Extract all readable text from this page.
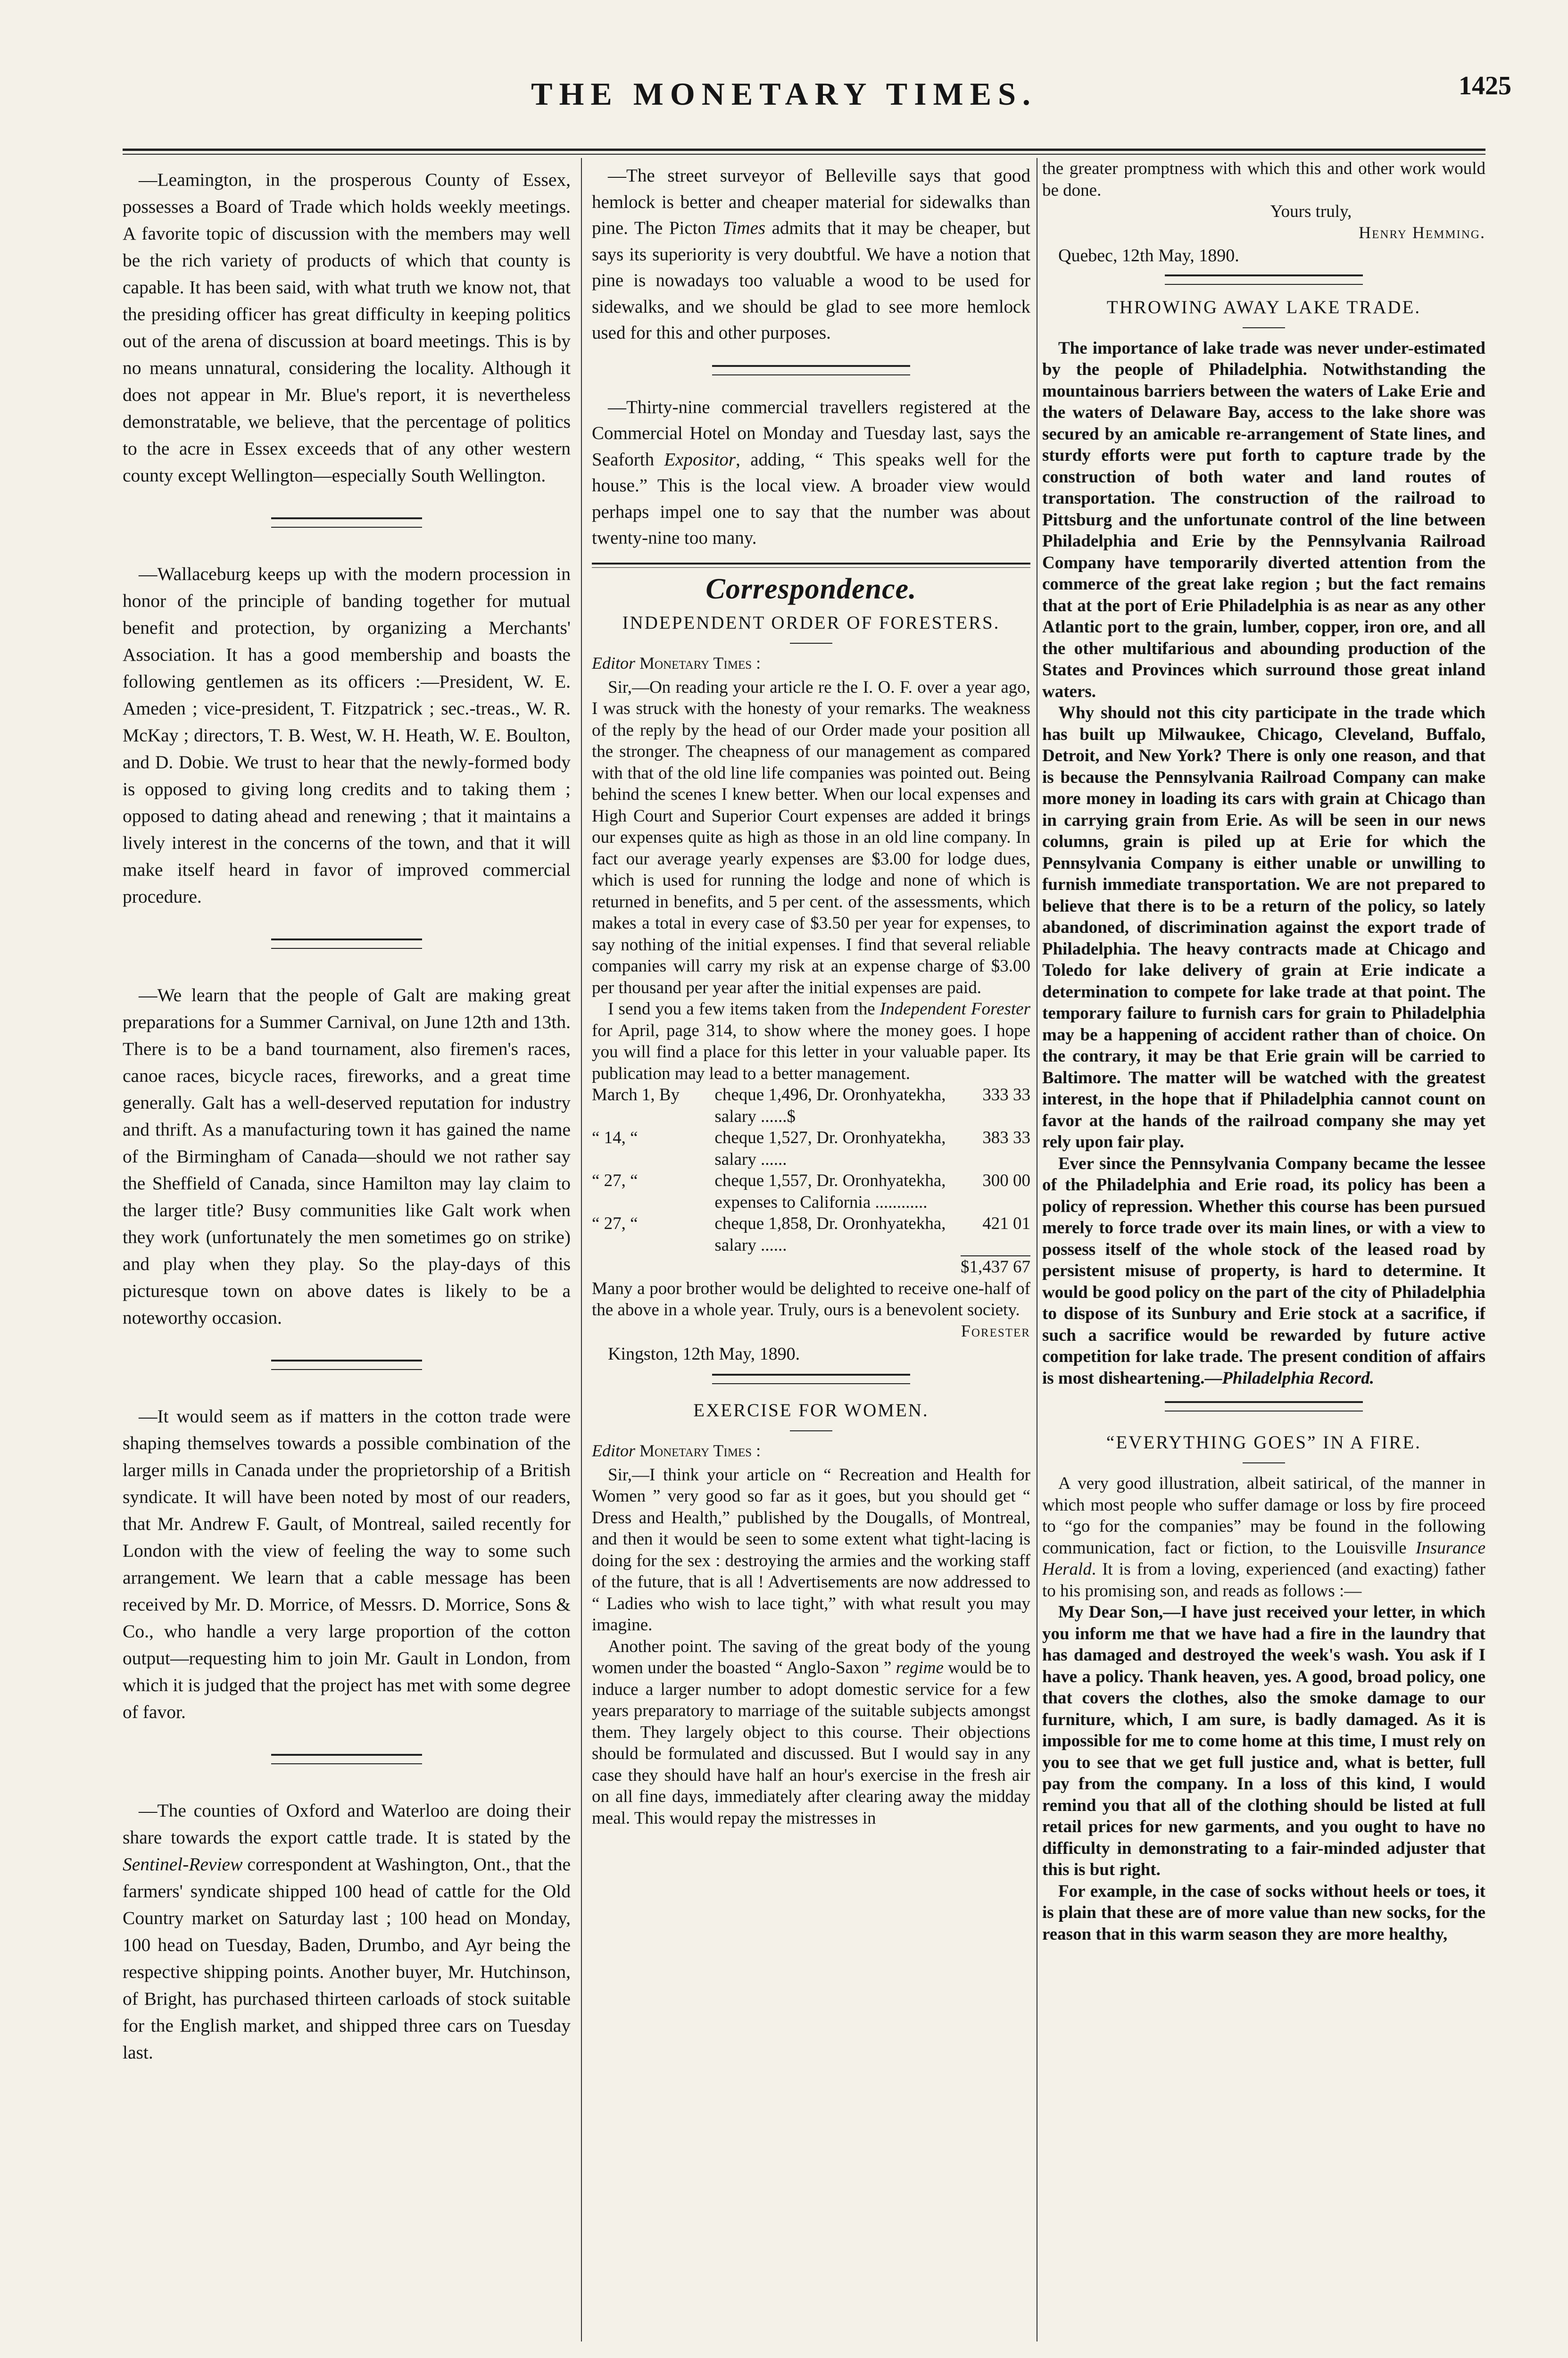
THE MONETARY TIMES.	1425

—Leamington, in the prosperous County of Essex, possesses a Board of Trade which holds weekly meetings. A favorite topic of discussion with the members may well be the rich variety of products of which that county is capable. It has been said, with what truth we know not, that the presiding officer has great difficulty in keeping politics out of the arena of discussion at board meetings. This is by no means unnatural, considering the locality. Although it does not appear in Mr. Blue's report, it is nevertheless demonstratable, we believe, that the percentage of politics to the acre in Essex exceeds that of any other western county except Wellington—especially South Wellington.

—Wallaceburg keeps up with the modern procession in honor of the principle of banding together for mutual benefit and protection, by organizing a Merchants' Association. It has a good membership and boasts the following gentlemen as its officers :—President, W. E. Ameden ; vice-president, T. Fitzpatrick ; sec.-treas., W. R. McKay ; directors, T. B. West, W. H. Heath, W. E. Boulton, and D. Dobie. We trust to hear that the newly-formed body is opposed to giving long credits and to taking them ; opposed to dating ahead and renewing ; that it maintains a lively interest in the concerns of the town, and that it will make itself heard in favor of improved commercial procedure.

—We learn that the people of Galt are making great preparations for a Summer Carnival, on June 12th and 13th. There is to be a band tournament, also firemen's races, canoe races, bicycle races, fireworks, and a great time generally. Galt has a well-deserved reputation for industry and thrift. As a manufacturing town it has gained the name of the Birmingham of Canada—should we not rather say the Sheffield of Canada, since Hamilton may lay claim to the larger title? Busy communities like Galt work when they work (unfortunately the men sometimes go on strike) and play when they play. So the play-days of this picturesque town on above dates is likely to be a noteworthy occasion.

—It would seem as if matters in the cotton trade were shaping themselves towards a possible combination of the larger mills in Canada under the proprietorship of a British syndicate. It will have been noted by most of our readers, that Mr. Andrew F. Gault, of Montreal, sailed recently for London with the view of feeling the way to some such arrangement. We learn that a cable message has been received by Mr. D. Morrice, of Messrs. D. Morrice, Sons & Co., who handle a very large proportion of the cotton output—requesting him to join Mr. Gault in London, from which it is judged that the project has met with some degree of favor.

—The counties of Oxford and Waterloo are doing their share towards the export cattle trade. It is stated by the Sentinel-Review correspondent at Washington, Ont., that the farmers' syndicate shipped 100 head of cattle for the Old Country market on Saturday last ; 100 head on Monday, 100 head on Tuesday, Baden, Drumbo, and Ayr being the respective shipping points. Another buyer, Mr. Hutchinson, of Bright, has purchased thirteen carloads of stock suitable for the English market, and shipped three cars on Tuesday last.

—The street surveyor of Belleville says that good hemlock is better and cheaper material for sidewalks than pine. The Picton Times admits that it may be cheaper, but says its superiority is very doubtful. We have a notion that pine is nowadays too valuable a wood to be used for sidewalks, and we should be glad to see more hemlock used for this and other purposes.

—Thirty-nine commercial travellers registered at the Commercial Hotel on Monday and Tuesday last, says the Seaforth Expositor, adding, “ This speaks well for the house.” This is the local view. A broader view would perhaps impel one to say that the number was about twenty-nine too many.

Correspondence.
INDEPENDENT ORDER OF FORESTERS.

Editor Monetary Times :

Sir,—On reading your article re the I. O. F. over a year ago, I was struck with the honesty of your remarks. The weakness of the reply by the head of our Order made your position all the stronger. The cheapness of our management as compared with that of the old line life companies was pointed out. Being behind the scenes I knew better. When our local expenses and High Court and Superior Court expenses are added it brings our expenses quite as high as those in an old line company. In fact our average yearly expenses are $3.00 for lodge dues, which is used for running the lodge and none of which is returned in benefits, and 5 per cent. of the assessments, which makes a total in every case of $3.50 per year for expenses, to say nothing of the initial expenses. I find that several reliable companies will carry my risk at an expense charge of $3.00 per thousand per year after the initial expenses are paid.

I send you a few items taken from the Independent Forester for April, page 314, to show where the money goes. I hope you will find a place for this letter in your valuable paper. Its publication may lead to a better management.

March 1, By	cheque 1,496, Dr. Oronhyatekha, salary ......$	333 33
“ 14, “	cheque 1,527, Dr. Oronhyatekha, salary ......	383 33
“ 27, “	cheque 1,557, Dr. Oronhyatekha, expenses to California ............	300 00
“ 27, “	cheque 1,858, Dr. Oronhyatekha, salary ......	421 01
		$1,437 67

Many a poor brother would be delighted to receive one-half of the above in a whole year. Truly, ours is a benevolent society.

Forester

Kingston, 12th May, 1890.

EXERCISE FOR WOMEN.

Editor Monetary Times :

Sir,—I think your article on “ Recreation and Health for Women ” very good so far as it goes, but you should get “ Dress and Health,” published by the Dougalls, of Montreal, and then it would be seen to some extent what tight-lacing is doing for the sex : destroying the armies and the working staff of the future, that is all ! Advertisements are now addressed to “ Ladies who wish to lace tight,” with what result you may imagine.

Another point. The saving of the great body of the young women under the boasted “ Anglo-Saxon ” regime would be to induce a larger number to adopt domestic service for a few years preparatory to marriage of the suitable subjects amongst them. They largely object to this course. Their objections should be formulated and discussed. But I would say in any case they should have half an hour's exercise in the fresh air on all fine days, immediately after clearing away the midday meal. This would repay the mistresses in

the greater promptness with which this and other work would be done.

Yours truly,

Henry Hemming.

Quebec, 12th May, 1890.

THROWING AWAY LAKE TRADE.

The importance of lake trade was never under-estimated by the people of Philadelphia. Notwithstanding the mountainous barriers between the waters of Lake Erie and the waters of Delaware Bay, access to the lake shore was secured by an amicable re-arrangement of State lines, and sturdy efforts were put forth to capture trade by the construction of both water and land routes of transportation. The construction of the railroad to Pittsburg and the unfortunate control of the line between Philadelphia and Erie by the Pennsylvania Railroad Company have temporarily diverted attention from the commerce of the great lake region ; but the fact remains that at the port of Erie Philadelphia is as near as any other Atlantic port to the grain, lumber, copper, iron ore, and all the other multifarious and abounding production of the States and Provinces which surround those great inland waters.

Why should not this city participate in the trade which has built up Milwaukee, Chicago, Cleveland, Buffalo, Detroit, and New York? There is only one reason, and that is because the Pennsylvania Railroad Company can make more money in loading its cars with grain at Chicago than in carrying grain from Erie. As will be seen in our news columns, grain is piled up at Erie for which the Pennsylvania Company is either unable or unwilling to furnish immediate transportation. We are not prepared to believe that there is to be a return of the policy, so lately abandoned, of discrimination against the export trade of Philadelphia. The heavy contracts made at Chicago and Toledo for lake delivery of grain at Erie indicate a determination to compete for lake trade at that point. The temporary failure to furnish cars for grain to Philadelphia may be a happening of accident rather than of choice. On the contrary, it may be that Erie grain will be carried to Baltimore. The matter will be watched with the greatest interest, in the hope that if Philadelphia cannot count on favor at the hands of the railroad company she may yet rely upon fair play.

Ever since the Pennsylvania Company became the lessee of the Philadelphia and Erie road, its policy has been a policy of repression. Whether this course has been pursued merely to force trade over its main lines, or with a view to possess itself of the whole stock of the leased road by persistent misuse of property, is hard to determine. It would be good policy on the part of the city of Philadelphia to dispose of its Sunbury and Erie stock at a sacrifice, if such a sacrifice would be rewarded by future active competition for lake trade. The present condition of affairs is most disheartening.—Philadelphia Record.

“EVERYTHING GOES” IN A FIRE.

A very good illustration, albeit satirical, of the manner in which most people who suffer damage or loss by fire proceed to “go for the companies” may be found in the following communication, fact or fiction, to the Louisville Insurance Herald. It is from a loving, experienced (and exacting) father to his promising son, and reads as follows :—

My Dear Son,—I have just received your letter, in which you inform me that we have had a fire in the laundry that has damaged and destroyed the week's wash. You ask if I have a policy. Thank heaven, yes. A good, broad policy, one that covers the clothes, also the smoke damage to our furniture, which, I am sure, is badly damaged. As it is impossible for me to come home at this time, I must rely on you to see that we get full justice and, what is better, full pay from the company. In a loss of this kind, I would remind you that all of the clothing should be listed at full retail prices for new garments, and you ought to have no difficulty in demonstrating to a fair-minded adjuster that this is but right.

For example, in the case of socks without heels or toes, it is plain that these are of more value than new socks, for the reason that in this warm season they are more healthy,
